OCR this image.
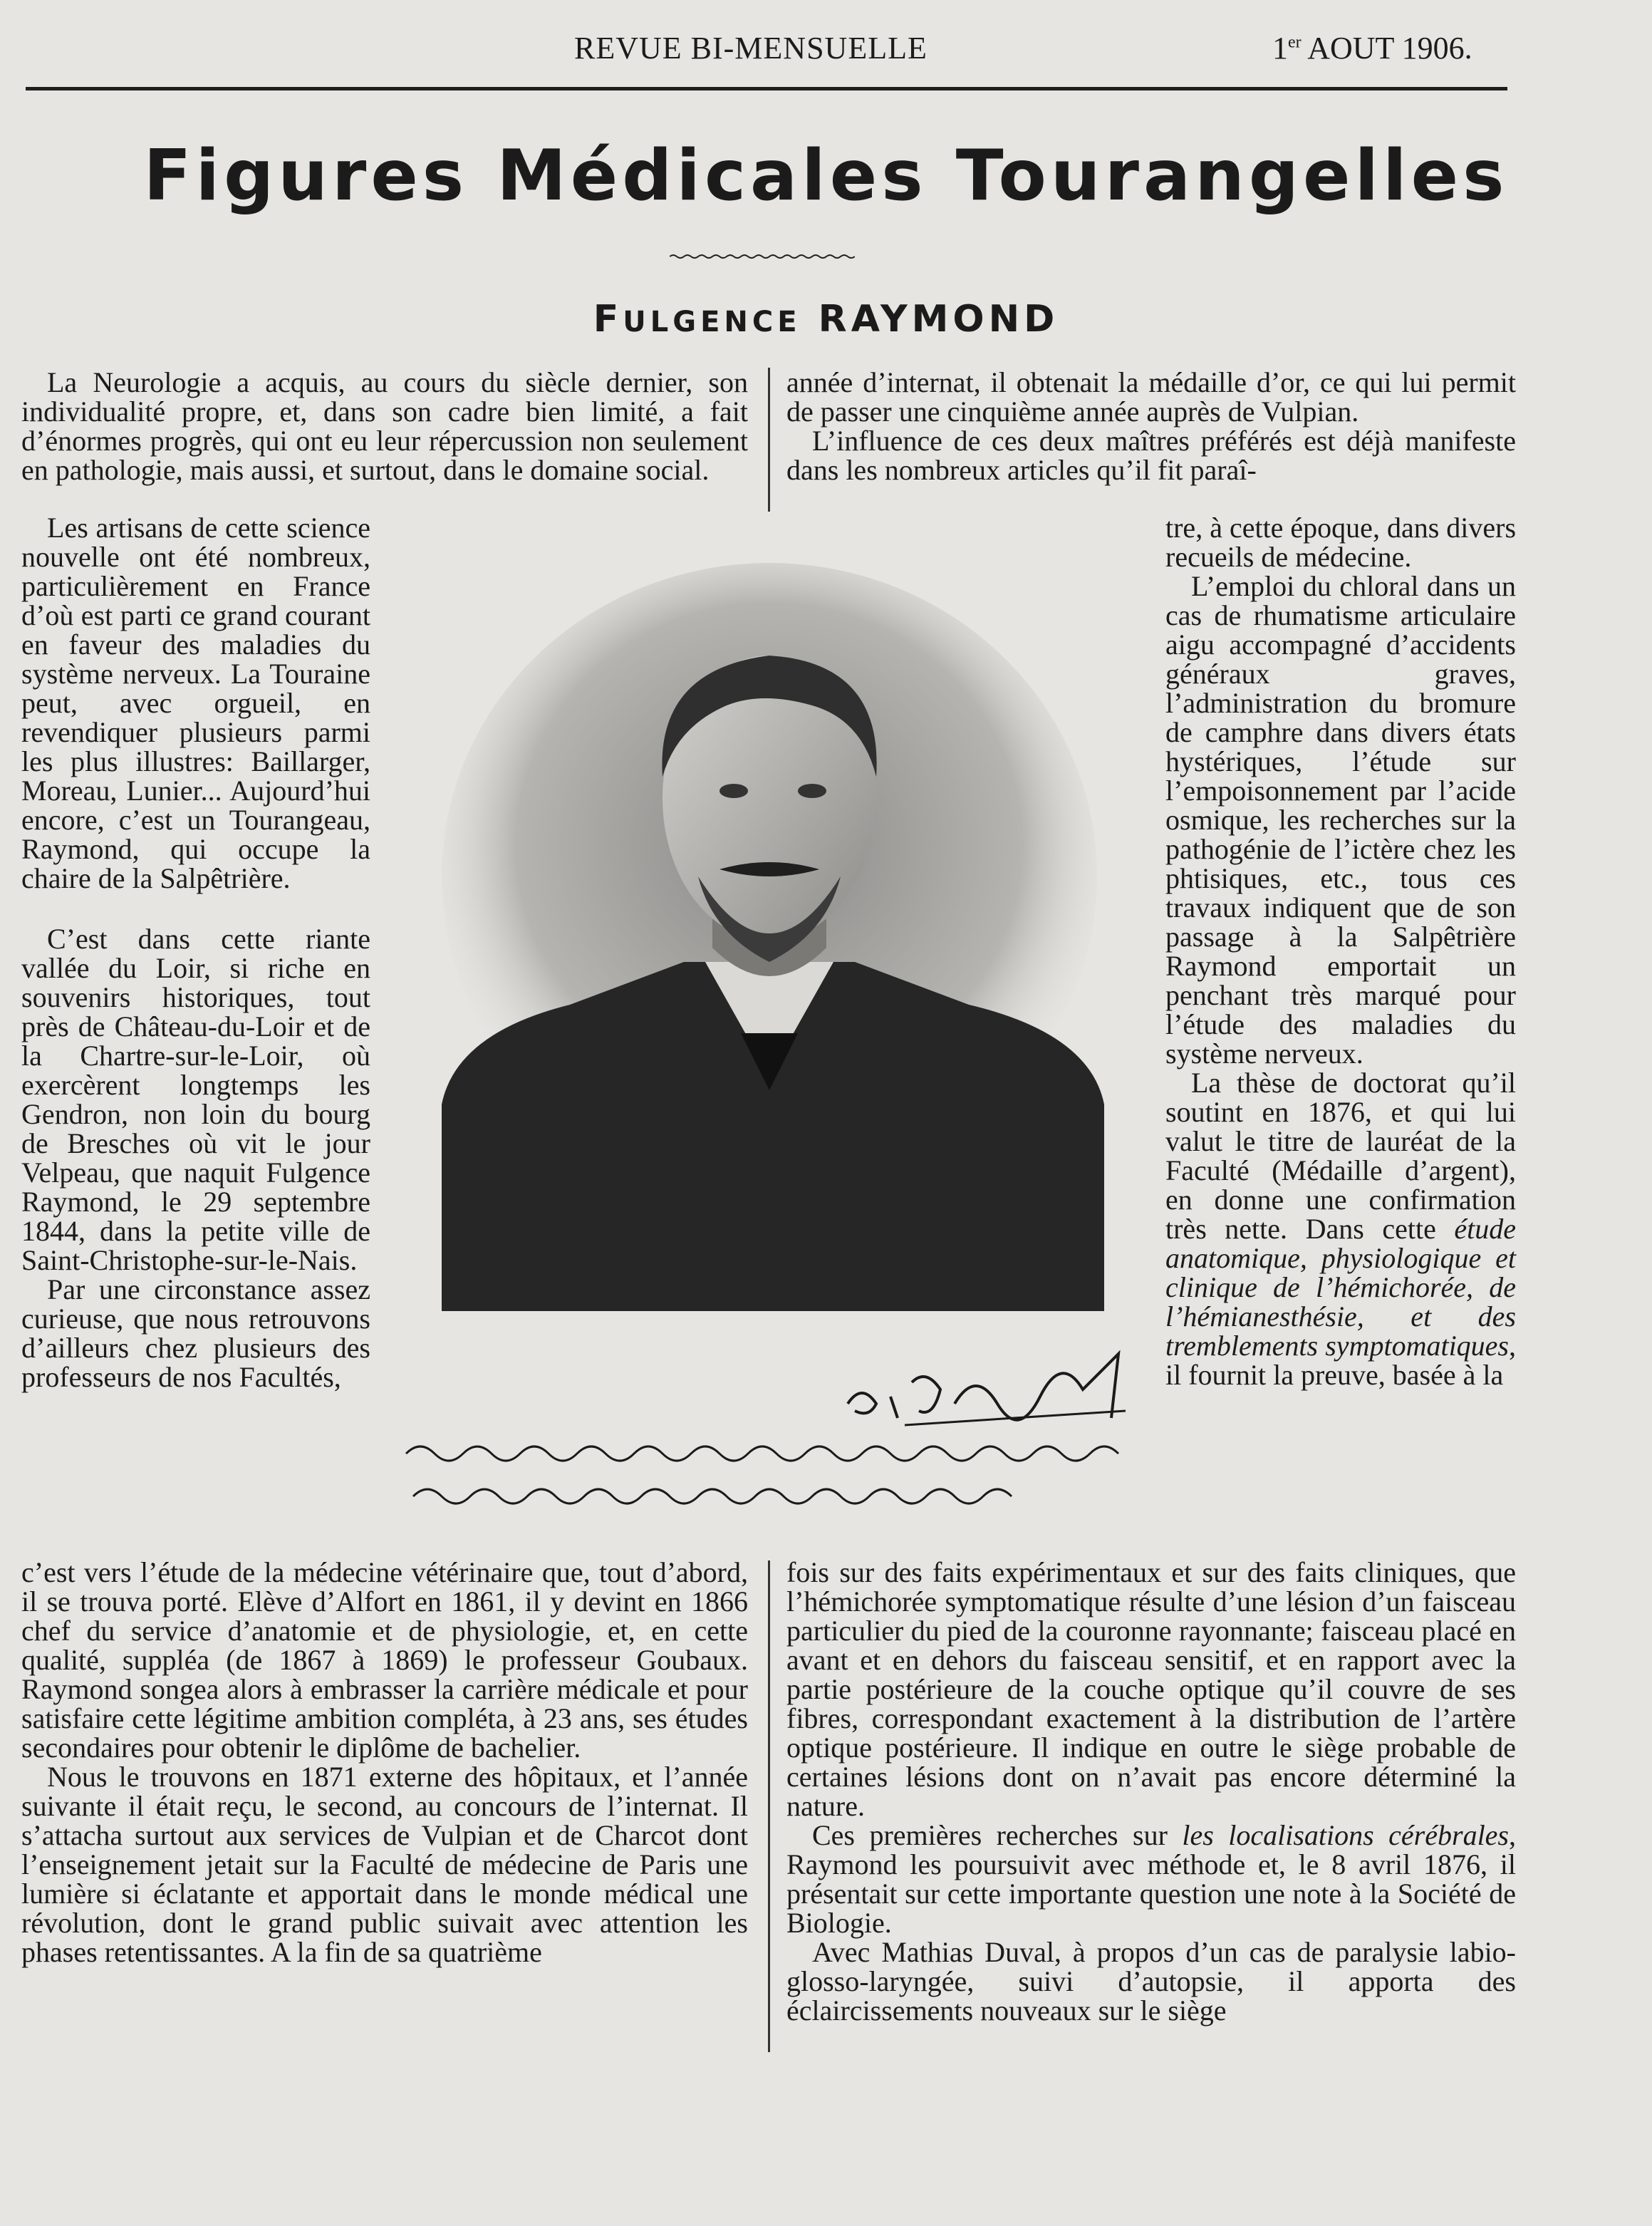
REVUE BI-MENSUELLE	1er AOUT 1906.
Figures Médicales Tourangelles
FULGENCE RAYMOND

La Neurologie a acquis, au cours du siècle dernier, son individualité propre, et, dans son cadre bien limité, a fait d’énormes progrès, qui ont eu leur répercussion non seulement en pathologie, mais aussi, et surtout, dans le domaine social.

année d’internat, il obtenait la médaille d’or, ce qui lui permit de passer une cinquième année auprès de Vulpian.

L’influence de ces deux maîtres préférés est déjà manifeste dans les nombreux articles qu’il fit paraî-

Les artisans de cette science nouvelle ont été nombreux, particulièrement en France d’où est parti ce grand courant en faveur des maladies du système nerveux. La Touraine peut, avec orgueil, en revendiquer plusieurs parmi les plus illustres: Baillarger, Moreau, Lunier... Aujourd’hui encore, c’est un Tourangeau, Raymond, qui occupe la chaire de la Salpêtrière.

C’est dans cette riante vallée du Loir, si riche en souvenirs historiques, tout près de Château-du-Loir et de la Chartre-sur-le-Loir, où exercèrent longtemps les Gendron, non loin du bourg de Bresches où vit le jour Velpeau, que naquit Fulgence Raymond, le 29 septembre 1844, dans la petite ville de Saint-Christophe-sur-le-Nais.

Par une circonstance assez curieuse, que nous retrouvons d’ailleurs chez plusieurs des professeurs de nos Facultés,

tre, à cette époque, dans divers recueils de médecine.

L’emploi du chloral dans un cas de rhumatisme articulaire aigu accompagné d’accidents généraux graves, l’administration du bromure de camphre dans divers états hystériques, l’étude sur l’empoisonnement par l’acide osmique, les recherches sur la pathogénie de l’ictère chez les phtisiques, etc., tous ces travaux indiquent que de son passage à la Salpêtrière Raymond emportait un penchant très marqué pour l’étude des maladies du système nerveux.

La thèse de doctorat qu’il soutint en 1876, et qui lui valut le titre de lauréat de la Faculté (Médaille d’argent), en donne une confirmation très nette. Dans cette étude anatomique, physiologique et clinique de l’hémichorée, de l’hémianesthésie, et des tremblements symptomatiques, il fournit la preuve, basée à la

c’est vers l’étude de la médecine vétérinaire que, tout d’abord, il se trouva porté. Elève d’Alfort en 1861, il y devint en 1866 chef du service d’anatomie et de physiologie, et, en cette qualité, suppléa (de 1867 à 1869) le professeur Goubaux. Raymond songea alors à embrasser la carrière médicale et pour satisfaire cette légitime ambition compléta, à 23 ans, ses études secondaires pour obtenir le diplôme de bachelier.

Nous le trouvons en 1871 externe des hôpitaux, et l’année suivante il était reçu, le second, au concours de l’internat. Il s’attacha surtout aux services de Vulpian et de Charcot dont l’enseignement jetait sur la Faculté de médecine de Paris une lumière si éclatante et apportait dans le monde médical une révolution, dont le grand public suivait avec attention les phases retentissantes. A la fin de sa quatrième

fois sur des faits expérimentaux et sur des faits cliniques, que l’hémichorée symptomatique résulte d’une lésion d’un faisceau particulier du pied de la couronne rayonnante; faisceau placé en avant et en dehors du faisceau sensitif, et en rapport avec la partie postérieure de la couche optique qu’il couvre de ses fibres, correspondant exactement à la distribution de l’artère optique postérieure. Il indique en outre le siège probable de certaines lésions dont on n’avait pas encore déterminé la nature.

Ces premières recherches sur les localisations cérébrales, Raymond les poursuivit avec méthode et, le 8 avril 1876, il présentait sur cette importante question une note à la Société de Biologie.

Avec Mathias Duval, à propos d’un cas de paralysie labio-glosso-laryngée, suivi d’autopsie, il apporta des éclaircissements nouveaux sur le siège
